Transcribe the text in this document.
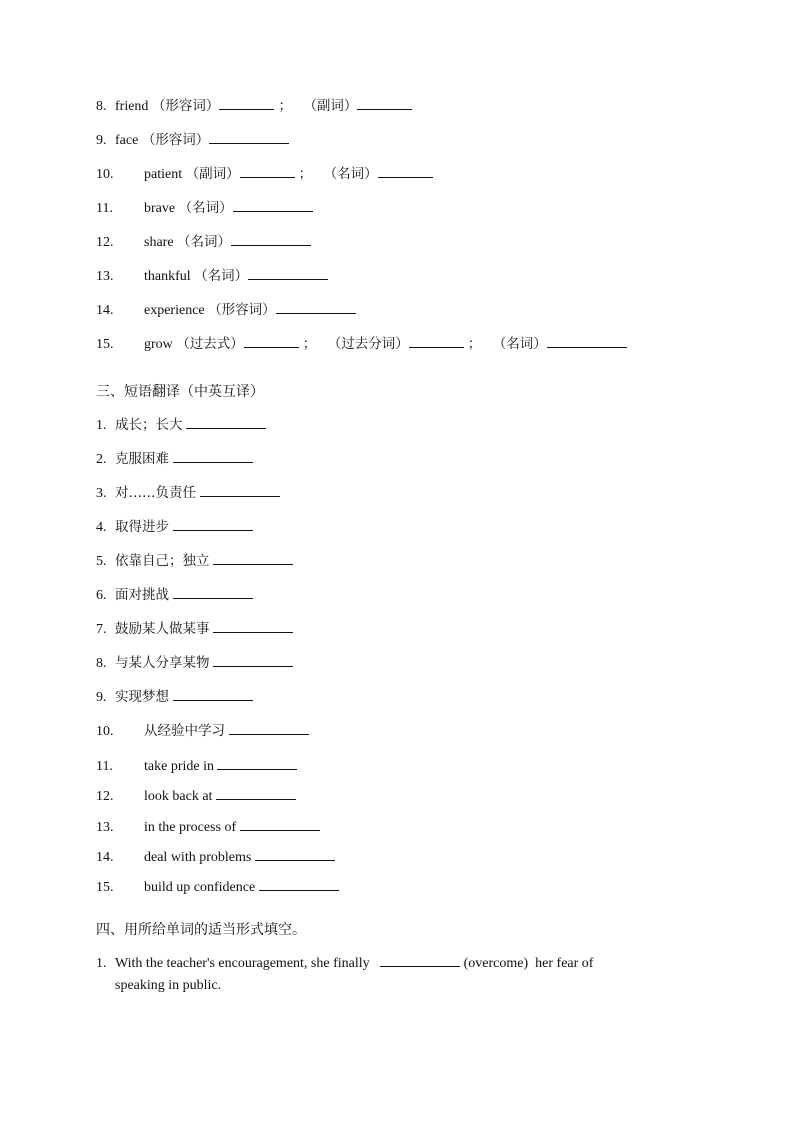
8. friend （形容词）	； （副词）
9. face （形容词）
10. patient （副词）	； （名词）
11. brave （名词）
12. share （名词）
13. thankful （名词）
14. experience （形容词）
15. grow （过去式）	； （过去分词）	； （名词）
三、短语翻译（中英互译）
1. 成长；长大
2. 克服困难
3. 对……负责任
4. 取得进步
5. 依靠自己；独立
6. 面对挑战
7. 鼓励某人做某事
8. 与某人分享某物
9. 实现梦想
10. 从经验中学习
11. take pride in
12. look back at
13. in the process of
14. deal with problems
15. build up confidence
四、用所给单词的适当形式填空。
1. With the teacher's encouragement, she finally	(overcome) her fear of
speaking in public.
